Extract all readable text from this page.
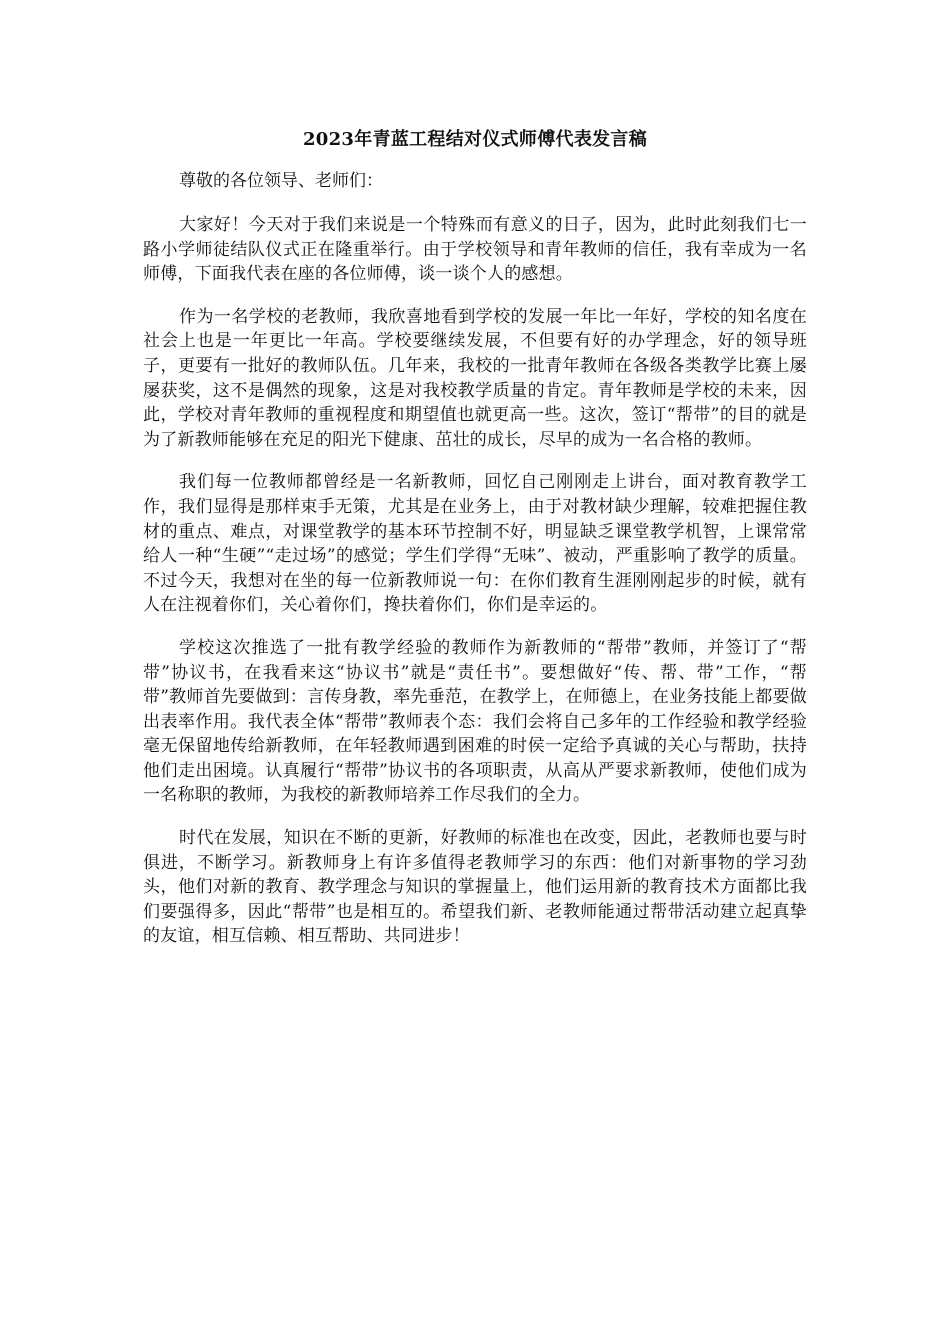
2023年青蓝工程结对仪式师傅代表发言稿
尊敬的各位领导、老师们：

大家好！今天对于我们来说是一个特殊而有意义的日子，因为，此时此刻我们七一路小学师徒结队仪式正在隆重举行。由于学校领导和青年教师的信任，我有幸成为一名师傅，下面我代表在座的各位师傅，谈一谈个人的感想。

作为一名学校的老教师，我欣喜地看到学校的发展一年比一年好，学校的知名度在社会上也是一年更比一年高。学校要继续发展，不但要有好的办学理念，好的领导班子，更要有一批好的教师队伍。几年来，我校的一批青年教师在各级各类教学比赛上屡屡获奖，这不是偶然的现象，这是对我校教学质量的肯定。青年教师是学校的未来，因此，学校对青年教师的重视程度和期望值也就更高一些。这次，签订“帮带”的目的就是为了新教师能够在充足的阳光下健康、茁壮的成长，尽早的成为一名合格的教师。

我们每一位教师都曾经是一名新教师，回忆自己刚刚走上讲台，面对教育教学工作，我们显得是那样束手无策，尤其是在业务上，由于对教材缺少理解，较难把握住教材的重点、难点，对课堂教学的基本环节控制不好，明显缺乏课堂教学机智，上课常常给人一种“生硬”“走过场”的感觉；学生们学得“无味”、被动，严重影响了教学的质量。不过今天，我想对在坐的每一位新教师说一句：在你们教育生涯刚刚起步的时候，就有人在注视着你们，关心着你们，搀扶着你们，你们是幸运的。

学校这次推选了一批有教学经验的教师作为新教师的“帮带”教师，并签订了“帮带”协议书，在我看来这“协议书”就是“责任书”。要想做好“传、帮、带”工作，“帮带”教师首先要做到：言传身教，率先垂范，在教学上，在师德上，在业务技能上都要做出表率作用。我代表全体“帮带”教师表个态：我们会将自己多年的工作经验和教学经验毫无保留地传给新教师，在年轻教师遇到困难的时侯一定给予真诚的关心与帮助，扶持他们走出困境。认真履行“帮带”协议书的各项职责，从高从严要求新教师，使他们成为一名称职的教师，为我校的新教师培养工作尽我们的全力。

时代在发展，知识在不断的更新，好教师的标准也在改变，因此，老教师也要与时俱进，不断学习。新教师身上有许多值得老教师学习的东西：他们对新事物的学习劲头，他们对新的教育、教学理念与知识的掌握量上，他们运用新的教育技术方面都比我们要强得多，因此“帮带”也是相互的。希望我们新、老教师能通过帮带活动建立起真挚的友谊，相互信赖、相互帮助、共同进步！
